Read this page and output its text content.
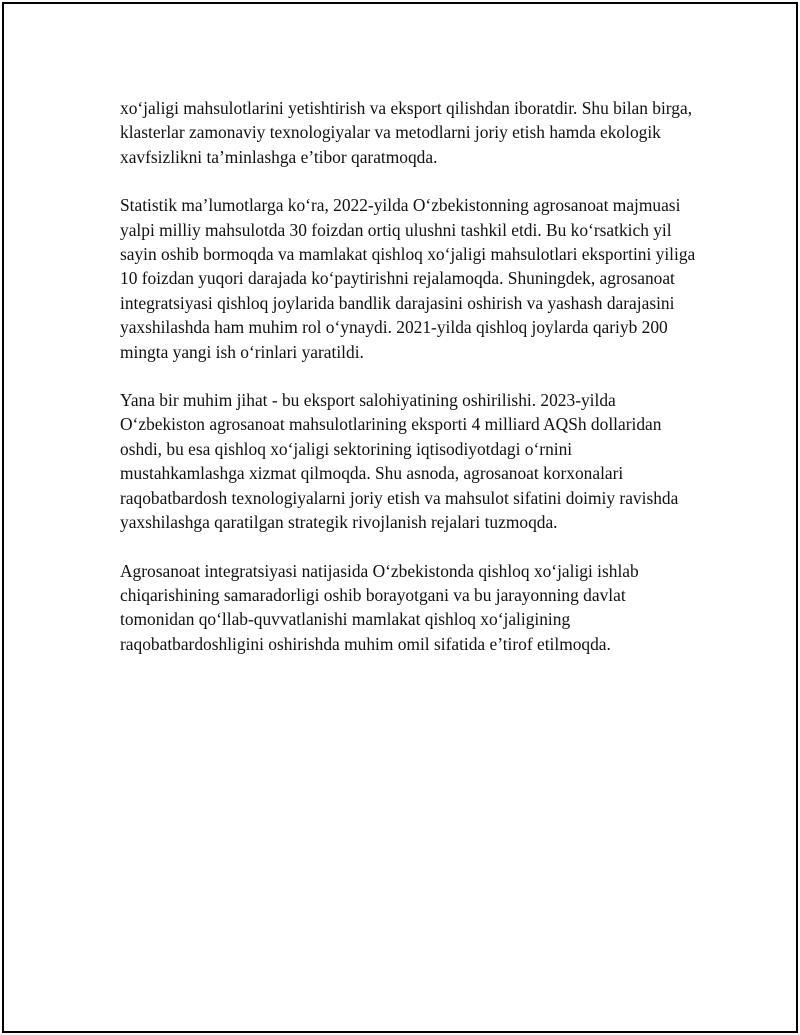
xo‘jaligi mahsulotlarini yetishtirish va eksport qilishdan iboratdir. Shu bilan birga, klasterlar zamonaviy texnologiyalar va metodlarni joriy etish hamda ekologik xavfsizlikni ta’minlashga e’tibor qaratmoqda.

Statistik ma’lumotlarga ko‘ra, 2022-yilda O‘zbekistonning agrosanoat majmuasi yalpi milliy mahsulotda 30 foizdan ortiq ulushni tashkil etdi. Bu ko‘rsatkich yil sayin oshib bormoqda va mamlakat qishloq xo‘jaligi mahsulotlari eksportini yiliga 10 foizdan yuqori darajada ko‘paytirishni rejalamoqda. Shuningdek, agrosanoat integratsiyasi qishloq joylarida bandlik darajasini oshirish va yashash darajasini yaxshilashda ham muhim rol o‘ynaydi. 2021-yilda qishloq joylarda qariyb 200 mingta yangi ish o‘rinlari yaratildi.

Yana bir muhim jihat - bu eksport salohiyatining oshirilishi. 2023-yilda O‘zbekiston agrosanoat mahsulotlarining eksporti 4 milliard AQSh dollaridan oshdi, bu esa qishloq xo‘jaligi sektorining iqtisodiyotdagi o‘rnini mustahkamlashga xizmat qilmoqda. Shu asnoda, agrosanoat korxonalari raqobatbardosh texnologiyalarni joriy etish va mahsulot sifatini doimiy ravishda yaxshilashga qaratilgan strategik rivojlanish rejalari tuzmoqda.

Agrosanoat integratsiyasi natijasida O‘zbekistonda qishloq xo‘jaligi ishlab chiqarishining samaradorligi oshib borayotgani va bu jarayonning davlat tomonidan qo‘llab-quvvatlanishi mamlakat qishloq xo‘jaligining raqobatbardoshligini oshirishda muhim omil sifatida e’tirof etilmoqda.
